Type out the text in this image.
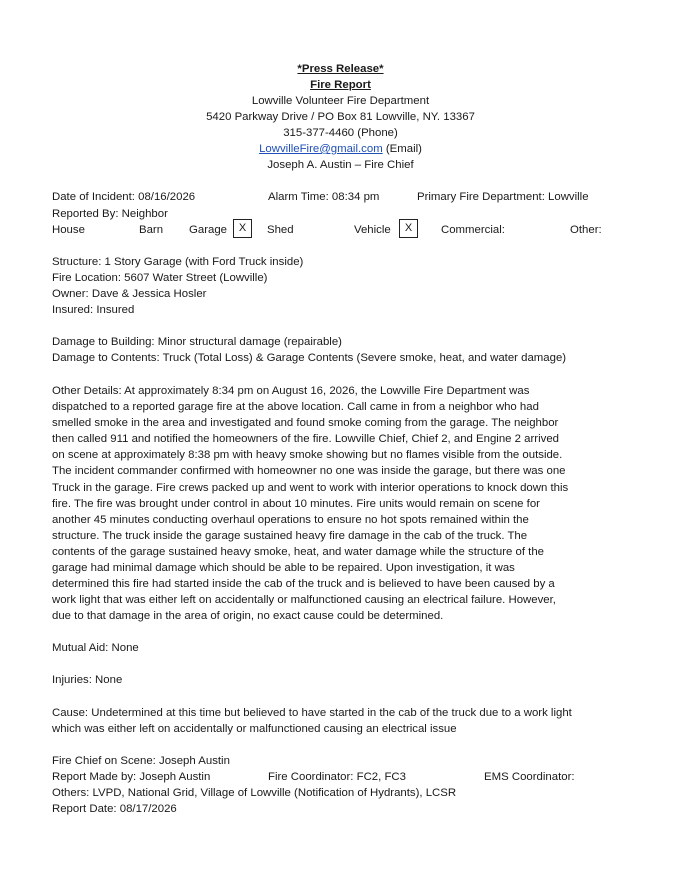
*Press Release*
Fire Report
Lowville Volunteer Fire Department
5420 Parkway Drive / PO Box 81 Lowville, NY. 13367
315-377-4460 (Phone)
LowvilleFire@gmail.com (Email)
Joseph A. Austin – Fire Chief
Date of Incident: 08/16/2026	Alarm Time: 08:34 pm	Primary Fire Department: Lowville
Reported By: Neighbor
House	Barn Garage	X	Shed	Vehicle	X	Commercial:	Other:
Structure: 1 Story Garage (with Ford Truck inside)
Fire Location: 5607 Water Street (Lowville)
Owner: Dave & Jessica Hosler
Insured: Insured
Damage to Building: Minor structural damage (repairable)
Damage to Contents: Truck (Total Loss) & Garage Contents (Severe smoke, heat, and water damage)
Other Details: At approximately 8:34 pm on August 16, 2026, the Lowville Fire Department was
dispatched to a reported garage fire at the above location. Call came in from a neighbor who had
smelled smoke in the area and investigated and found smoke coming from the garage. The neighbor
then called 911 and notified the homeowners of the fire. Lowville Chief, Chief 2, and Engine 2 arrived
on scene at approximately 8:38 pm with heavy smoke showing but no flames visible from the outside.
The incident commander confirmed with homeowner no one was inside the garage, but there was one
Truck in the garage. Fire crews packed up and went to work with interior operations to knock down this
fire. The fire was brought under control in about 10 minutes. Fire units would remain on scene for
another 45 minutes conducting overhaul operations to ensure no hot spots remained within the
structure. The truck inside the garage sustained heavy fire damage in the cab of the truck. The
contents of the garage sustained heavy smoke, heat, and water damage while the structure of the
garage had minimal damage which should be able to be repaired. Upon investigation, it was
determined this fire had started inside the cab of the truck and is believed to have been caused by a
work light that was either left on accidentally or malfunctioned causing an electrical failure. However,
due to that damage in the area of origin, no exact cause could be determined.
Mutual Aid: None
Injuries: None
Cause: Undetermined at this time but believed to have started in the cab of the truck due to a work light
which was either left on accidentally or malfunctioned causing an electrical issue
Fire Chief on Scene: Joseph Austin
Report Made by: Joseph Austin	Fire Coordinator: FC2, FC3	EMS Coordinator:
Others: LVPD, National Grid, Village of Lowville (Notification of Hydrants), LCSR
Report Date: 08/17/2026
